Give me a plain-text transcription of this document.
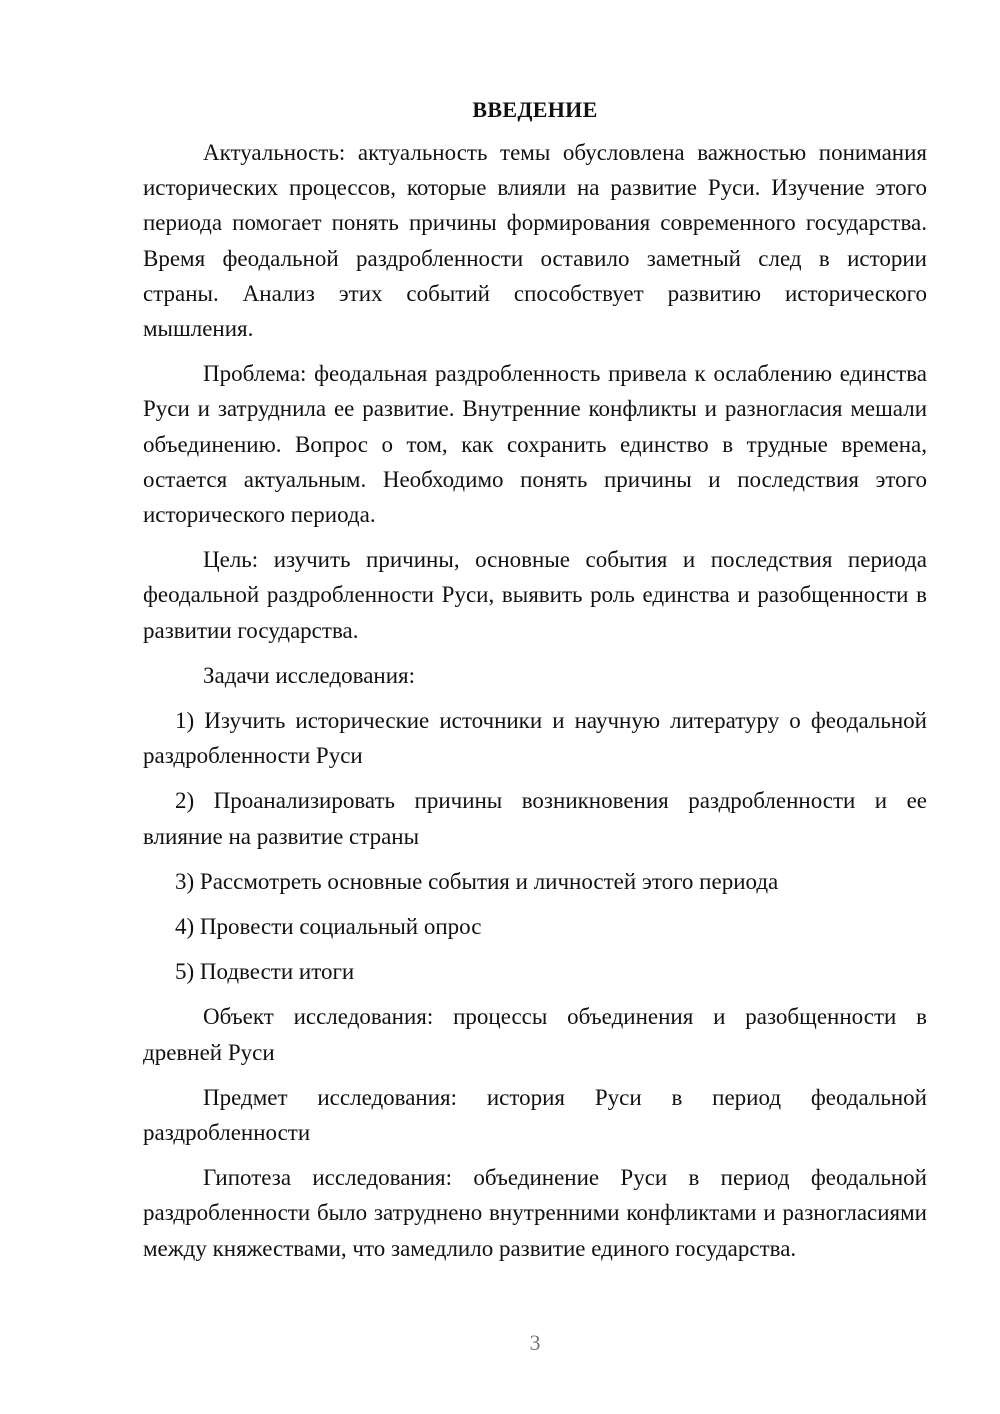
ВВЕДЕНИЕ

Актуальность: актуальность темы обусловлена важностью понимания исторических процессов, которые влияли на развитие Руси. Изучение этого периода помогает понять причины формирования современного государства. Время феодальной раздробленности оставило заметный след в истории страны. Анализ этих событий способствует развитию исторического мышления.

Проблема: феодальная раздробленность привела к ослаблению единства Руси и затруднила ее развитие. Внутренние конфликты и разногласия мешали объединению. Вопрос о том, как сохранить единство в трудные времена, остается актуальным. Необходимо понять причины и последствия этого исторического периода.

Цель: изучить причины, основные события и последствия периода феодальной раздробленности Руси, выявить роль единства и разобщенности в развитии государства.

Задачи исследования:

1) Изучить исторические источники и научную литературу о феодальной раздробленности Руси

2) Проанализировать причины возникновения раздробленности и ее влияние на развитие страны

3) Рассмотреть основные события и личностей этого периода

4) Провести социальный опрос

5) Подвести итоги

Объект исследования: процессы объединения и разобщенности в древней Руси

Предмет исследования: история Руси в период феодальной раздробленности

Гипотеза исследования: объединение Руси в период феодальной раздробленности было затруднено внутренними конфликтами и разногласиями между княжествами, что замедлило развитие единого государства.

3
